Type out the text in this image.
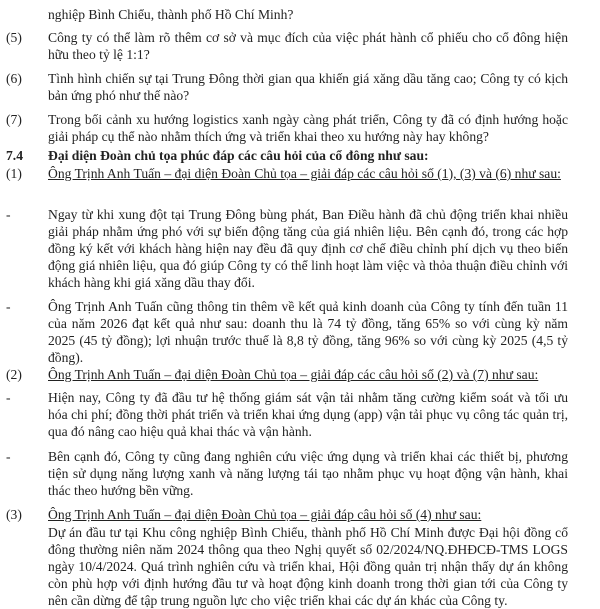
nghiệp Bình Chiểu, thành phố Hồ Chí Minh?
(5)	Công ty có thể làm rõ thêm cơ sở và mục đích của việc phát hành cổ phiếu cho cổ đông hiện hữu theo tỷ lệ 1:1?
(6)	Tình hình chiến sự tại Trung Đông thời gian qua khiến giá xăng dầu tăng cao; Công ty có kịch bản ứng phó như thế nào?
(7)	Trong bối cảnh xu hướng logistics xanh ngày càng phát triển, Công ty đã có định hướng hoặc giải pháp cụ thể nào nhằm thích ứng và triển khai theo xu hướng này hay không?
7.4	Đại diện Đoàn chủ tọa phúc đáp các câu hỏi của cổ đông như sau:
(1)	Ông Trịnh Anh Tuấn – đại diện Đoàn Chủ tọa – giải đáp các câu hỏi số (1), (3) và (6) như sau:
-	Ngay từ khi xung đột tại Trung Đông bùng phát, Ban Điều hành đã chủ động triển khai nhiều giải pháp nhằm ứng phó với sự biến động tăng của giá nhiên liệu. Bên cạnh đó, trong các hợp đồng ký kết với khách hàng hiện nay đều đã quy định cơ chế điều chỉnh phí dịch vụ theo biến động giá nhiên liệu, qua đó giúp Công ty có thể linh hoạt làm việc và thỏa thuận điều chỉnh với khách hàng khi giá xăng dầu thay đổi.
-	Ông Trịnh Anh Tuấn cũng thông tin thêm về kết quả kinh doanh của Công ty tính đến tuần 11 của năm 2026 đạt kết quả như sau: doanh thu là 74 tỷ đồng, tăng 65% so với cùng kỳ năm 2025 (45 tỷ đồng); lợi nhuận trước thuế là 8,8 tỷ đồng, tăng 96% so với cùng kỳ 2025 (4,5 tỷ đồng).
(2)	Ông Trịnh Anh Tuấn – đại diện Đoàn Chủ tọa – giải đáp các câu hỏi số (2) và (7) như sau:
-	Hiện nay, Công ty đã đầu tư hệ thống giám sát vận tải nhằm tăng cường kiểm soát và tối ưu hóa chi phí; đồng thời phát triển và triển khai ứng dụng (app) vận tải phục vụ công tác quản trị, qua đó nâng cao hiệu quả khai thác và vận hành.
-	Bên cạnh đó, Công ty cũng đang nghiên cứu việc ứng dụng và triển khai các thiết bị, phương tiện sử dụng năng lượng xanh và năng lượng tái tạo nhằm phục vụ hoạt động vận hành, khai thác theo hướng bền vững.
(3)	Ông Trịnh Anh Tuấn – đại diện Đoàn Chủ tọa – giải đáp câu hỏi số (4) như sau:
Dự án đầu tư tại Khu công nghiệp Bình Chiểu, thành phố Hồ Chí Minh được Đại hội đồng cổ đông thường niên năm 2024 thông qua theo Nghị quyết số 02/2024/NQ.ĐHĐCĐ-TMS LOGS ngày 10/4/2024. Quá trình nghiên cứu và triển khai, Hội đồng quản trị nhận thấy dự án không còn phù hợp với định hướng đầu tư và hoạt động kinh doanh trong thời gian tới của Công ty nên cần dừng để tập trung nguồn lực cho việc triển khai các dự án khác của Công ty.
